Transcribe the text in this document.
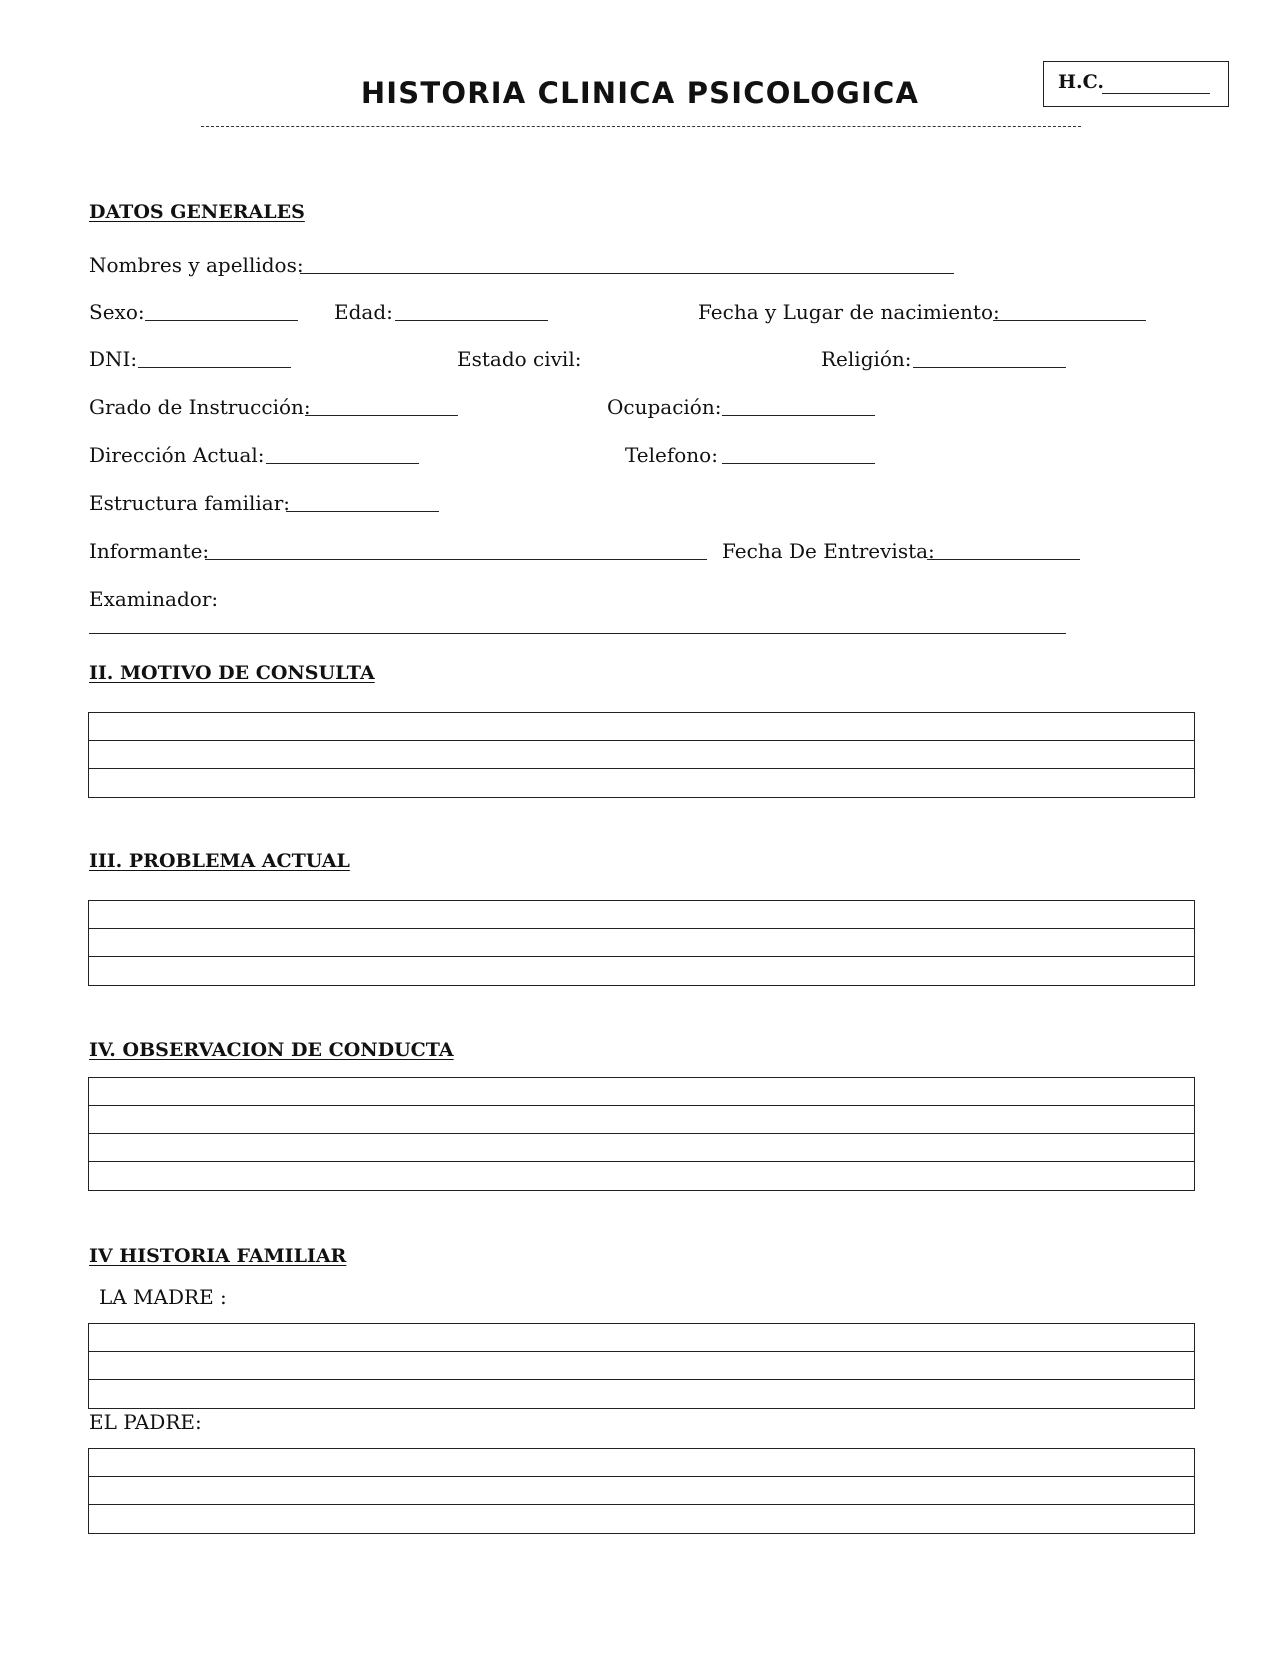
H.C.
HISTORIA CLINICA PSICOLOGICA
DATOS GENERALES
Nombres y apellidos:
Sexo:	Edad:	Fecha y Lugar de nacimiento:
DNI:	Estado civil:	Religión:
Grado de Instrucción:	Ocupación:
Dirección Actual:	Telefono:
Estructura familiar:
Informante:	Fecha De Entrevista:
Examinador:
II. MOTIVO DE CONSULTA
III. PROBLEMA ACTUAL
IV. OBSERVACION DE CONDUCTA
IV HISTORIA FAMILIAR
LA MADRE :
EL PADRE:
